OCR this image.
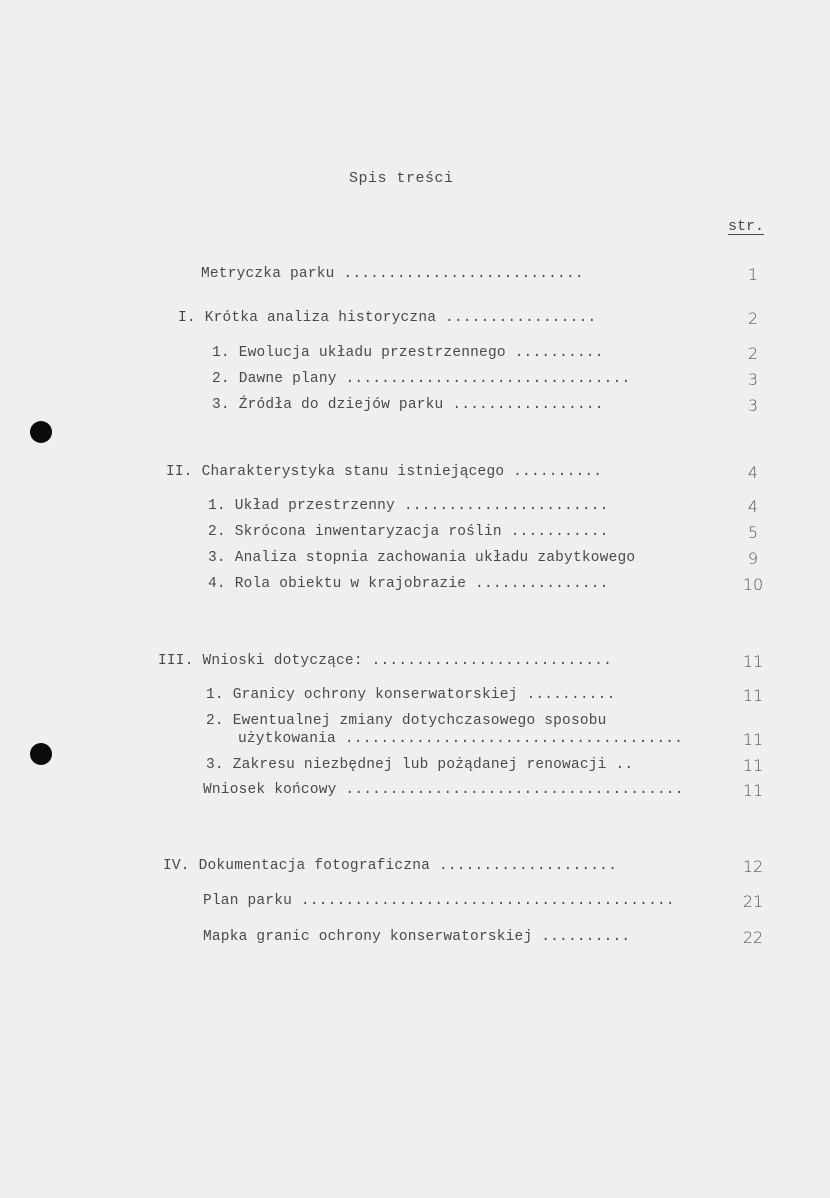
Spis treści
str.
Metryczka parku ...........................	1
I. Krótka analiza historyczna .................	2
1. Ewolucja układu przestrzennego ..........	2
2. Dawne plany ................................	3
3. Źródła do dziejów parku .................	3
II. Charakterystyka stanu istniejącego ..........	4
1. Układ przestrzenny .......................	4
2. Skrócona inwentaryzacja roślin ...........	5
3. Analiza stopnia zachowania układu zabytkowego	9
4. Rola obiektu w krajobrazie ...............	10
III. Wnioski dotyczące: ...........................	11
1. Granicy ochrony konserwatorskiej ..........	11
2. Ewentualnej zmiany dotychczasowego sposobu
użytkowania ......................................	11
3. Zakresu niezbędnej lub pożądanej renowacji ..	11
Wniosek końcowy ......................................	11
IV. Dokumentacja fotograficzna ....................	12
Plan parku ..........................................	21
Mapka granic ochrony konserwatorskiej ..........	22
